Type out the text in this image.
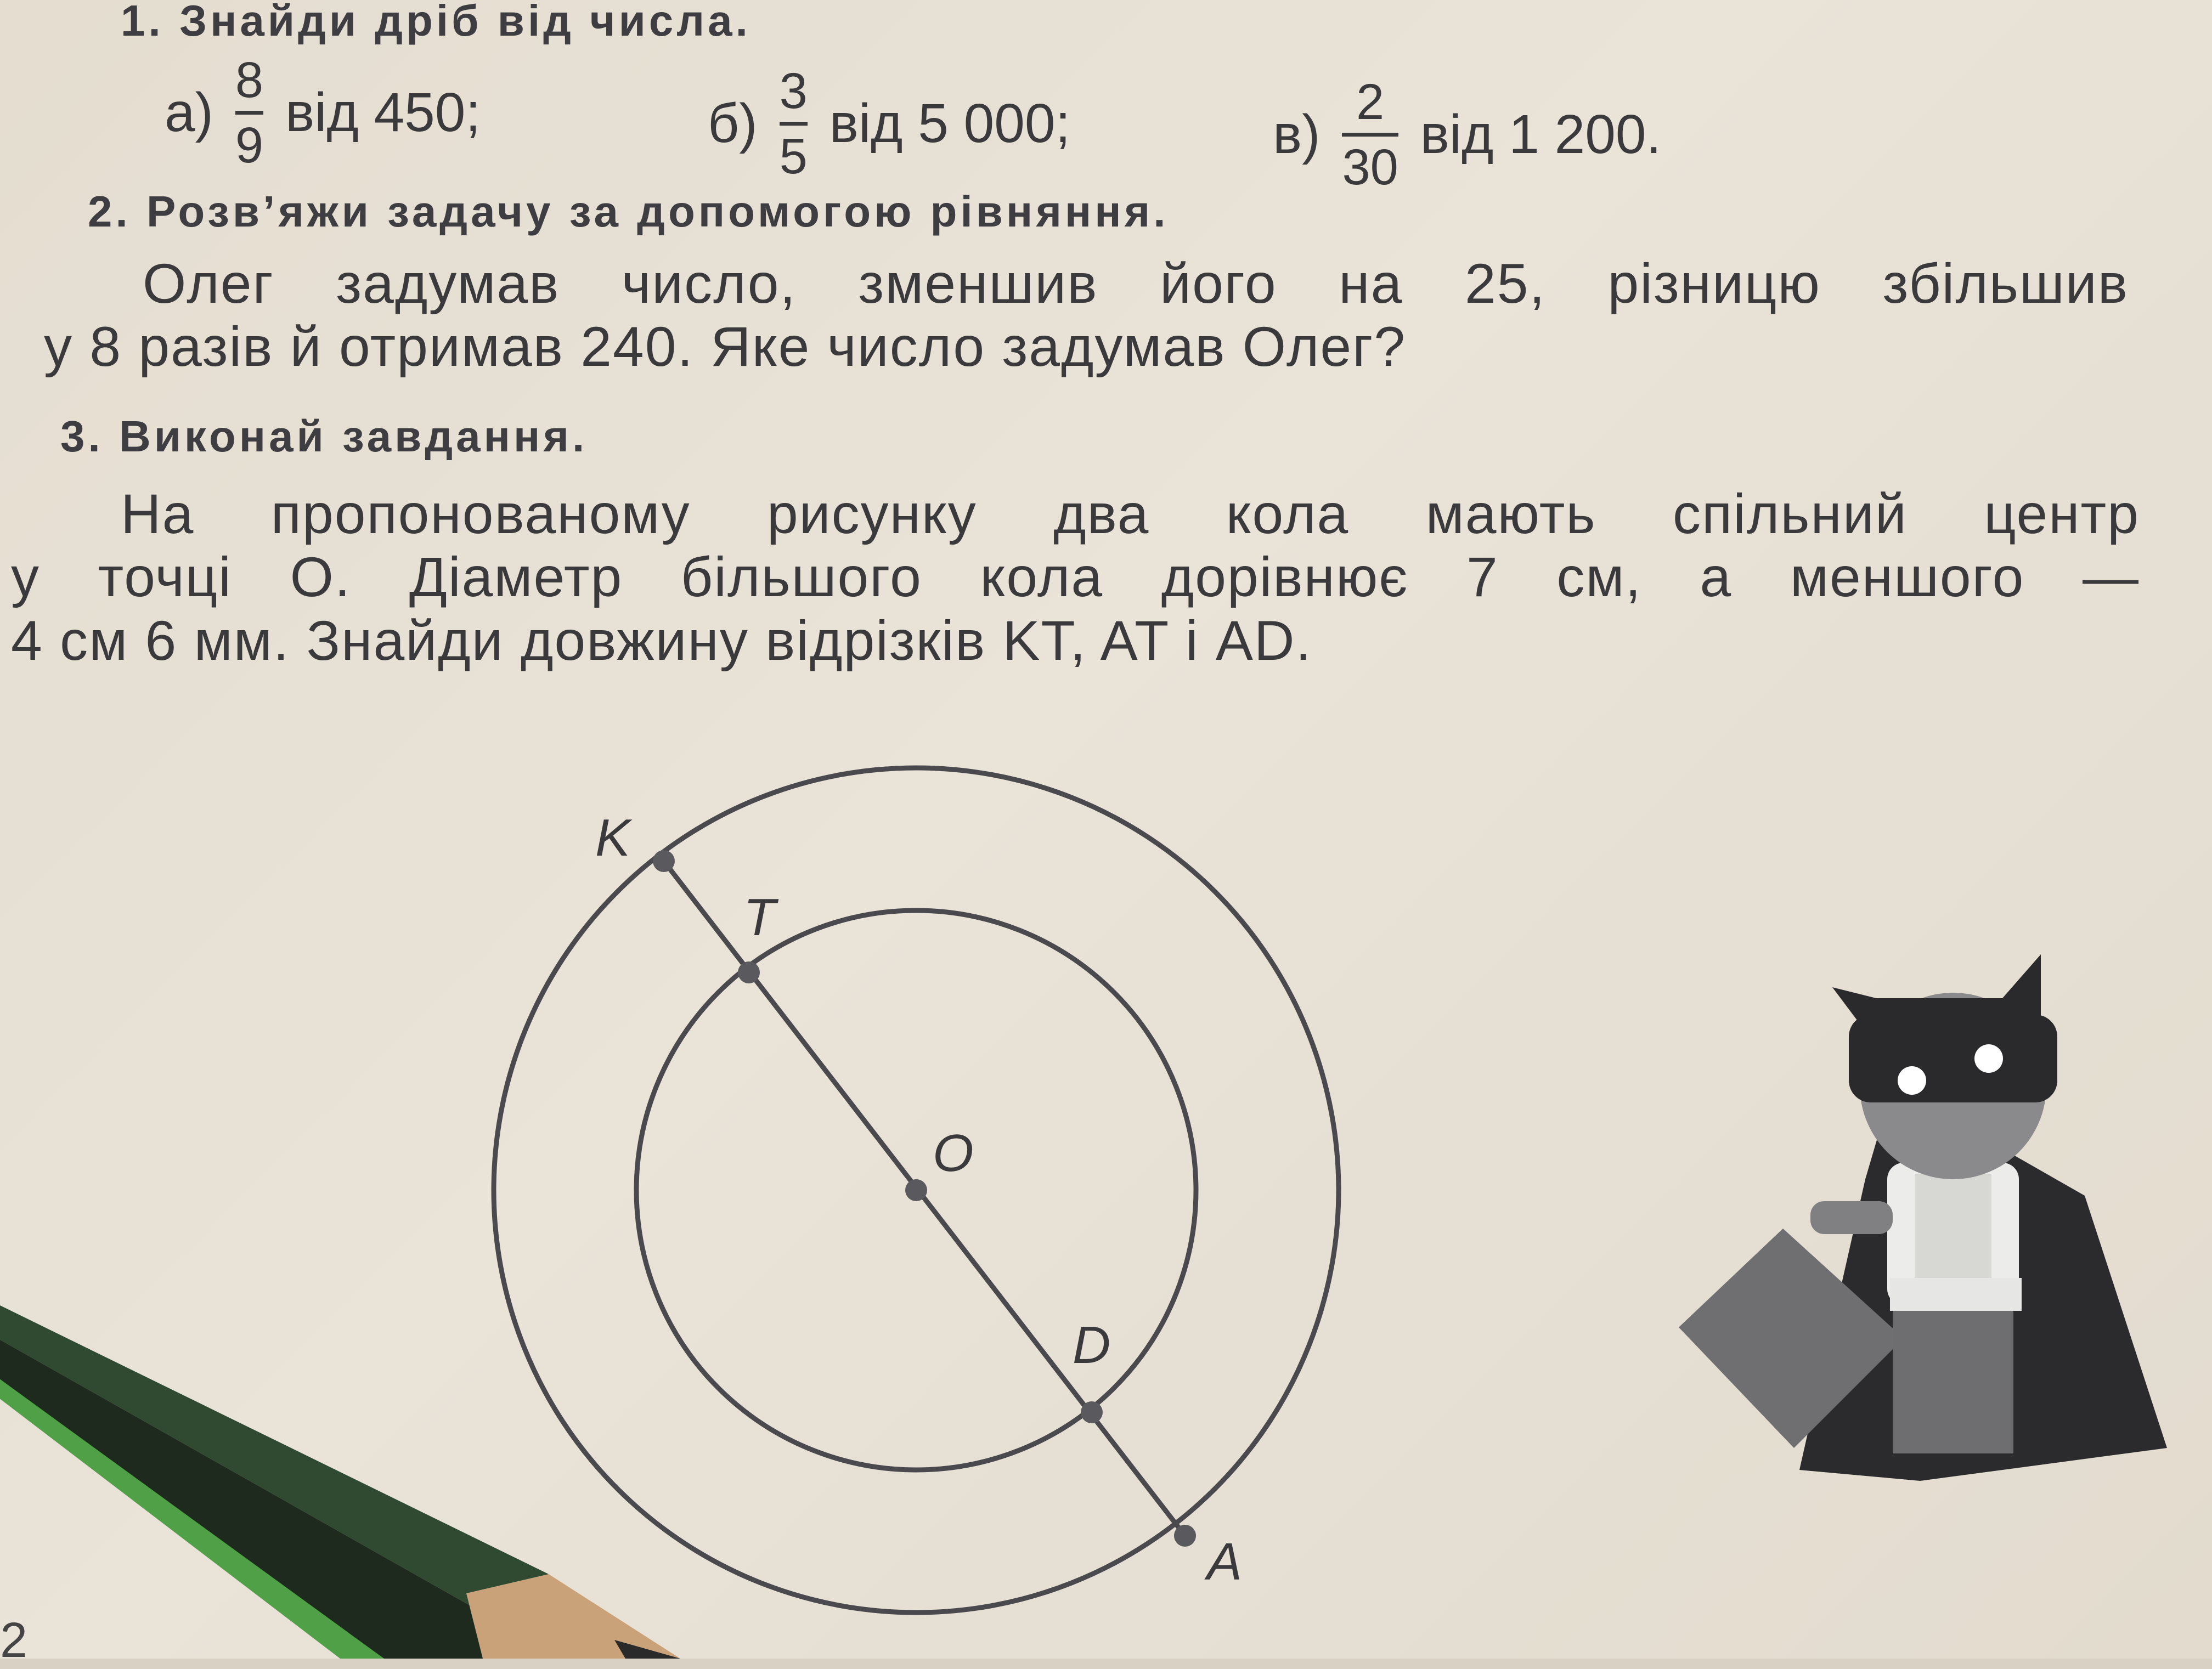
1. Знайди дріб від числа.
а)
8
9
від 450;	б)
3
5
від 5 000;	в)
2
30
від 1 200.
2. Розв’яжи задачу за допомогою рівняння.
Олег задумав число, зменшив його на 25, різницю збільшив
у 8 разів й отримав 240. Яке число задумав Олег?
3. Виконай завдання.
На пропонованому рисунку два кола мають спільний центр
у точці О. Діаметр більшого кола дорівнює 7 см, а меншого —
4 см 6 мм. Знайди довжину відрізків KT, AT і AD.
K
T
O
D
A
2
